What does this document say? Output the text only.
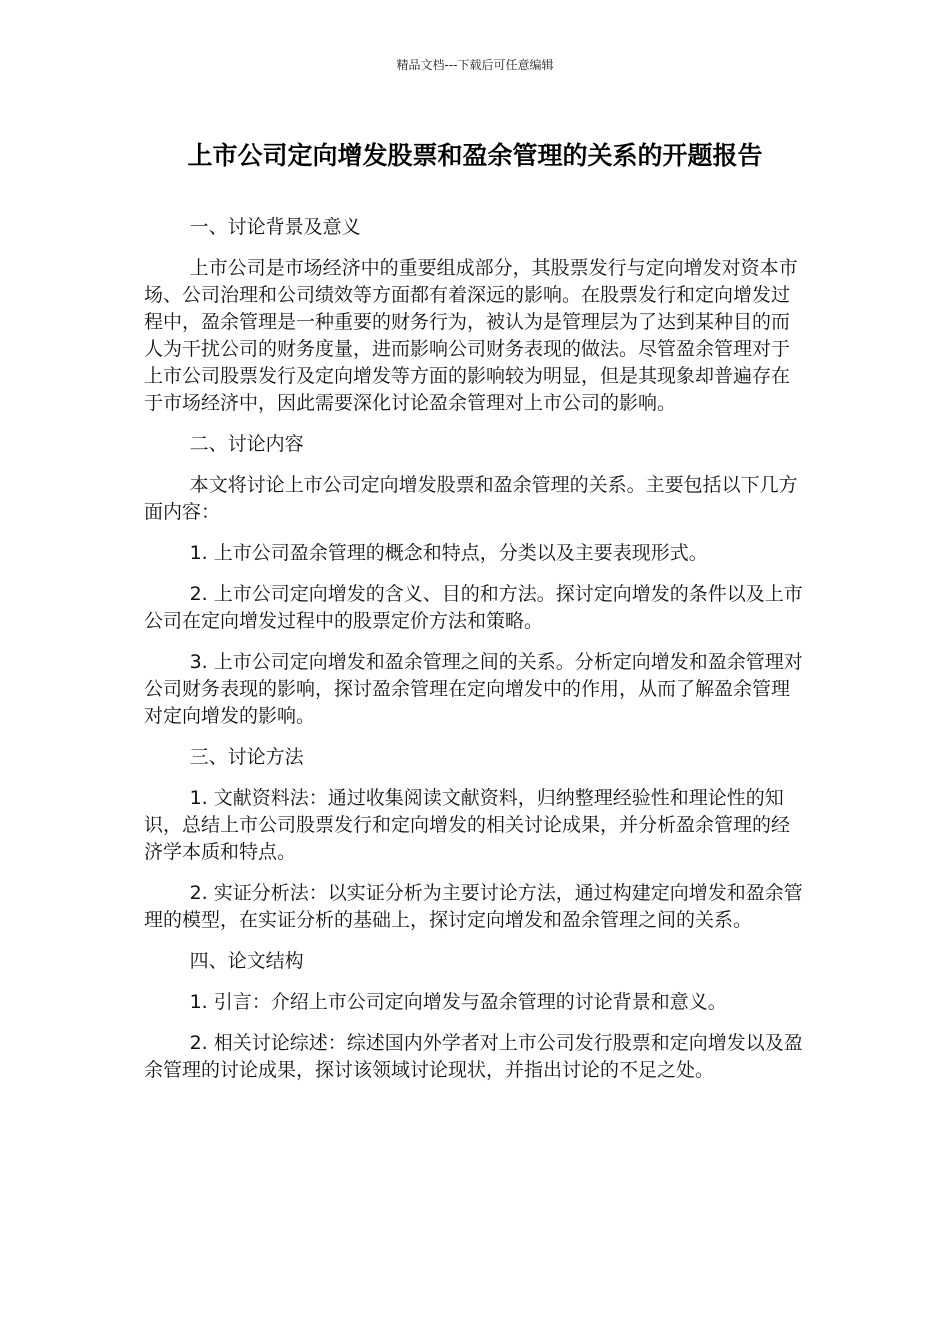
精品文档---下载后可任意编辑
上市公司定向增发股票和盈余管理的关系的开题报告

一、讨论背景及意义

上市公司是市场经济中的重要组成部分，其股票发行与定向增发对资本市场、公司治理和公司绩效等方面都有着深远的影响。在股票发行和定向增发过程中，盈余管理是一种重要的财务行为，被认为是管理层为了达到某种目的而人为干扰公司的财务度量，进而影响公司财务表现的做法。尽管盈余管理对于上市公司股票发行及定向增发等方面的影响较为明显，但是其现象却普遍存在于市场经济中，因此需要深化讨论盈余管理对上市公司的影响。

二、讨论内容

本文将讨论上市公司定向增发股票和盈余管理的关系。主要包括以下几方面内容：

1. 上市公司盈余管理的概念和特点，分类以及主要表现形式。

2. 上市公司定向增发的含义、目的和方法。探讨定向增发的条件以及上市公司在定向增发过程中的股票定价方法和策略。

3. 上市公司定向增发和盈余管理之间的关系。分析定向增发和盈余管理对公司财务表现的影响，探讨盈余管理在定向增发中的作用，从而了解盈余管理对定向增发的影响。

三、讨论方法

1. 文献资料法：通过收集阅读文献资料，归纳整理经验性和理论性的知识，总结上市公司股票发行和定向增发的相关讨论成果，并分析盈余管理的经济学本质和特点。

2. 实证分析法：以实证分析为主要讨论方法，通过构建定向增发和盈余管理的模型，在实证分析的基础上，探讨定向增发和盈余管理之间的关系。

四、论文结构

1. 引言：介绍上市公司定向增发与盈余管理的讨论背景和意义。

2. 相关讨论综述：综述国内外学者对上市公司发行股票和定向增发以及盈余管理的讨论成果，探讨该领域讨论现状，并指出讨论的不足之处。
